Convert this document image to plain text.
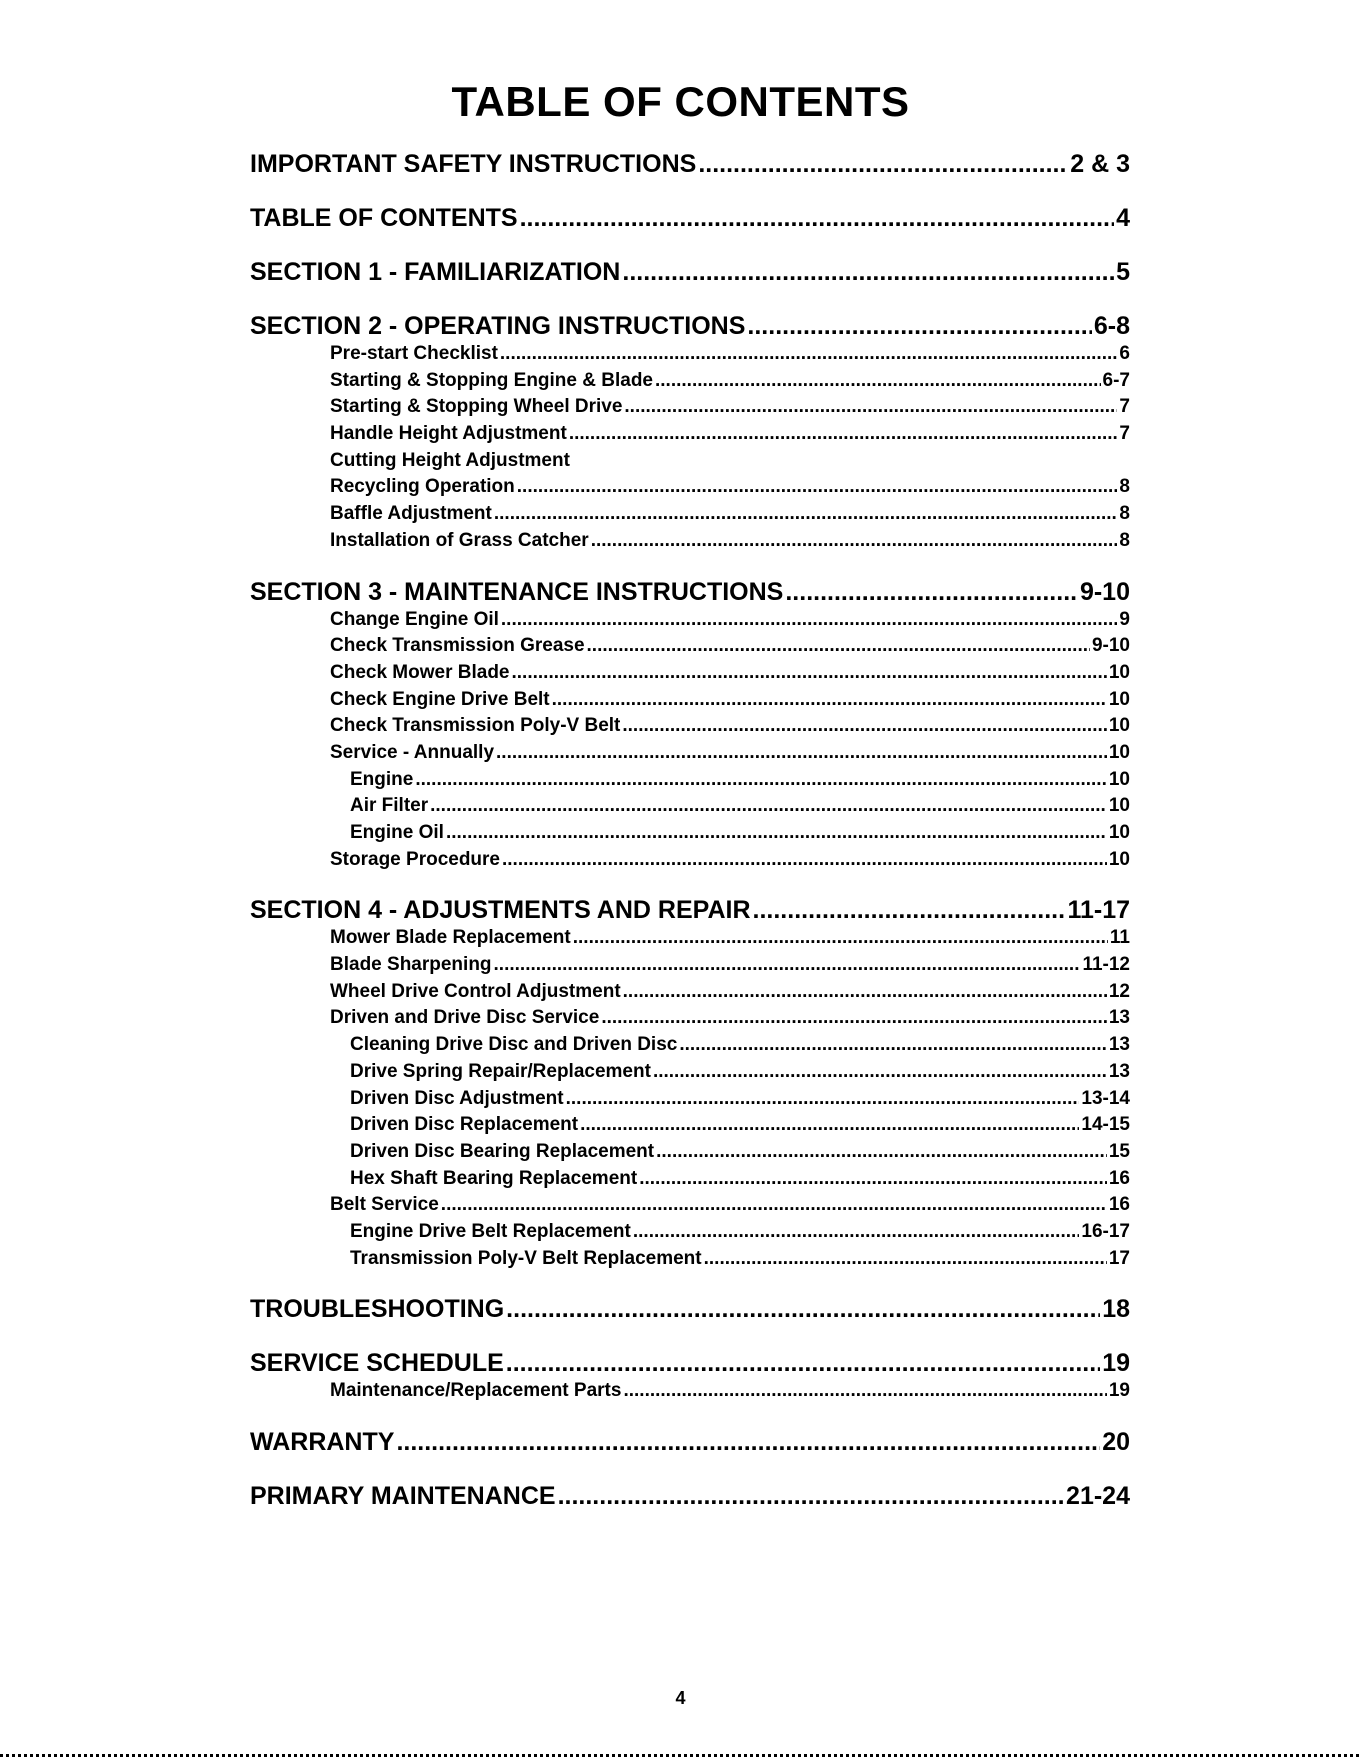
TABLE OF CONTENTS
IMPORTANT SAFETY INSTRUCTIONS .....	2 & 3
TABLE OF CONTENTS .....	4
SECTION 1 - FAMILIARIZATION .....	5
SECTION 2 - OPERATING INSTRUCTIONS .....	6-8
Pre-start Checklist .....	6
Starting & Stopping Engine & Blade .....	6-7
Starting & Stopping Wheel Drive .....	7
Handle Height Adjustment .....	7
Cutting Height Adjustment
Recycling Operation .....	8
Baffle Adjustment .....	8
Installation of Grass Catcher .....	8
SECTION 3 - MAINTENANCE INSTRUCTIONS .....	9-10
Change Engine Oil .....	9
Check Transmission Grease .....	9-10
Check Mower Blade .....	10
Check Engine Drive Belt .....	10
Check Transmission Poly-V Belt .....	10
Service - Annually .....	10
Engine .....	10
Air Filter .....	10
Engine Oil .....	10
Storage Procedure .....	10
SECTION 4 - ADJUSTMENTS AND REPAIR .....	11-17
Mower Blade Replacement .....	11
Blade Sharpening .....	11-12
Wheel Drive Control Adjustment .....	12
Driven and Drive Disc Service .....	13
Cleaning Drive Disc and Driven Disc .....	13
Drive Spring Repair/Replacement .....	13
Driven Disc Adjustment .....	13-14
Driven Disc Replacement .....	14-15
Driven Disc Bearing Replacement .....	15
Hex Shaft Bearing Replacement .....	16
Belt Service .....	16
Engine Drive Belt Replacement .....	16-17
Transmission Poly-V Belt Replacement .....	17
TROUBLESHOOTING .....	18
SERVICE SCHEDULE .....	19
Maintenance/Replacement Parts .....	19
WARRANTY .....	20
PRIMARY MAINTENANCE .....	21-24
4
